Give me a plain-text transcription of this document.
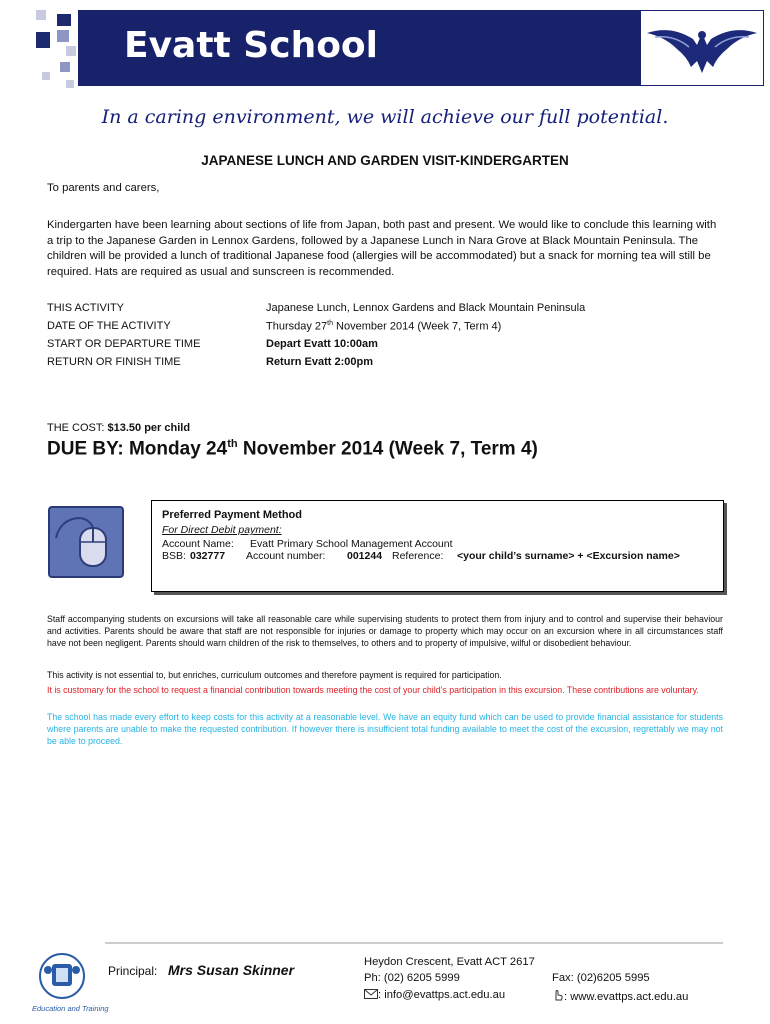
Evatt School
In a caring environment, we will achieve our full potential.
JAPANESE LUNCH AND GARDEN VISIT-KINDERGARTEN
To parents and carers,
Kindergarten have been learning about sections of life from Japan, both past and present. We would like to conclude this learning with a trip to the Japanese Garden in Lennox Gardens, followed by a Japanese Lunch in Nara Grove at Black Mountain Peninsula. The children will be provided a lunch of traditional Japanese food (allergies will be accommodated) but a snack for morning tea will still be required. Hats are required as usual and sunscreen is recommended.
THIS ACTIVITY	Japanese Lunch, Lennox Gardens and Black Mountain Peninsula
DATE OF THE ACTIVITY	Thursday 27th November 2014 (Week 7, Term 4)
START OR DEPARTURE TIME	Depart Evatt 10:00am
RETURN OR FINISH TIME	Return Evatt 2:00pm
THE COST: $13.50 per child
DUE BY: Monday 24th November 2014 (Week 7, Term 4)
Preferred Payment Method
For Direct Debit payment:
Account Name: Evatt Primary School Management Account
BSB: 032777 Account number: 001244 Reference: <your child’s surname> + <Excursion name>
Staff accompanying students on excursions will take all reasonable care while supervising students to protect them from injury and to control and supervise their behaviour and activities. Parents should be aware that staff are not responsible for injuries or damage to property which may occur on an excursion where in all circumstances staff have not been negligent. Parents should warn children of the risk to themselves, to others and to property of impulsive, wilful or disobedient behaviour.
This activity is not essential to, but enriches, curriculum outcomes and therefore payment is required for participation.
It is customary for the school to request a financial contribution towards meeting the cost of your child’s participation in this excursion. These contributions are voluntary.
The school has made every effort to keep costs for this activity at a reasonable level. We have an equity fund which can be used to provide financial assistance for students where parents are unable to make the requested contribution. If however there is insufficient total funding available to meet the cost of the excursion, regrettably we may not be able to proceed.
Education and Training
Principal: Mrs Susan Skinner	Heydon Crescent, Evatt ACT 2617
Ph: (02) 6205 5999	Fax: (02)6205 5995
: info@evattps.act.edu.au	: www.evattps.act.edu.au
